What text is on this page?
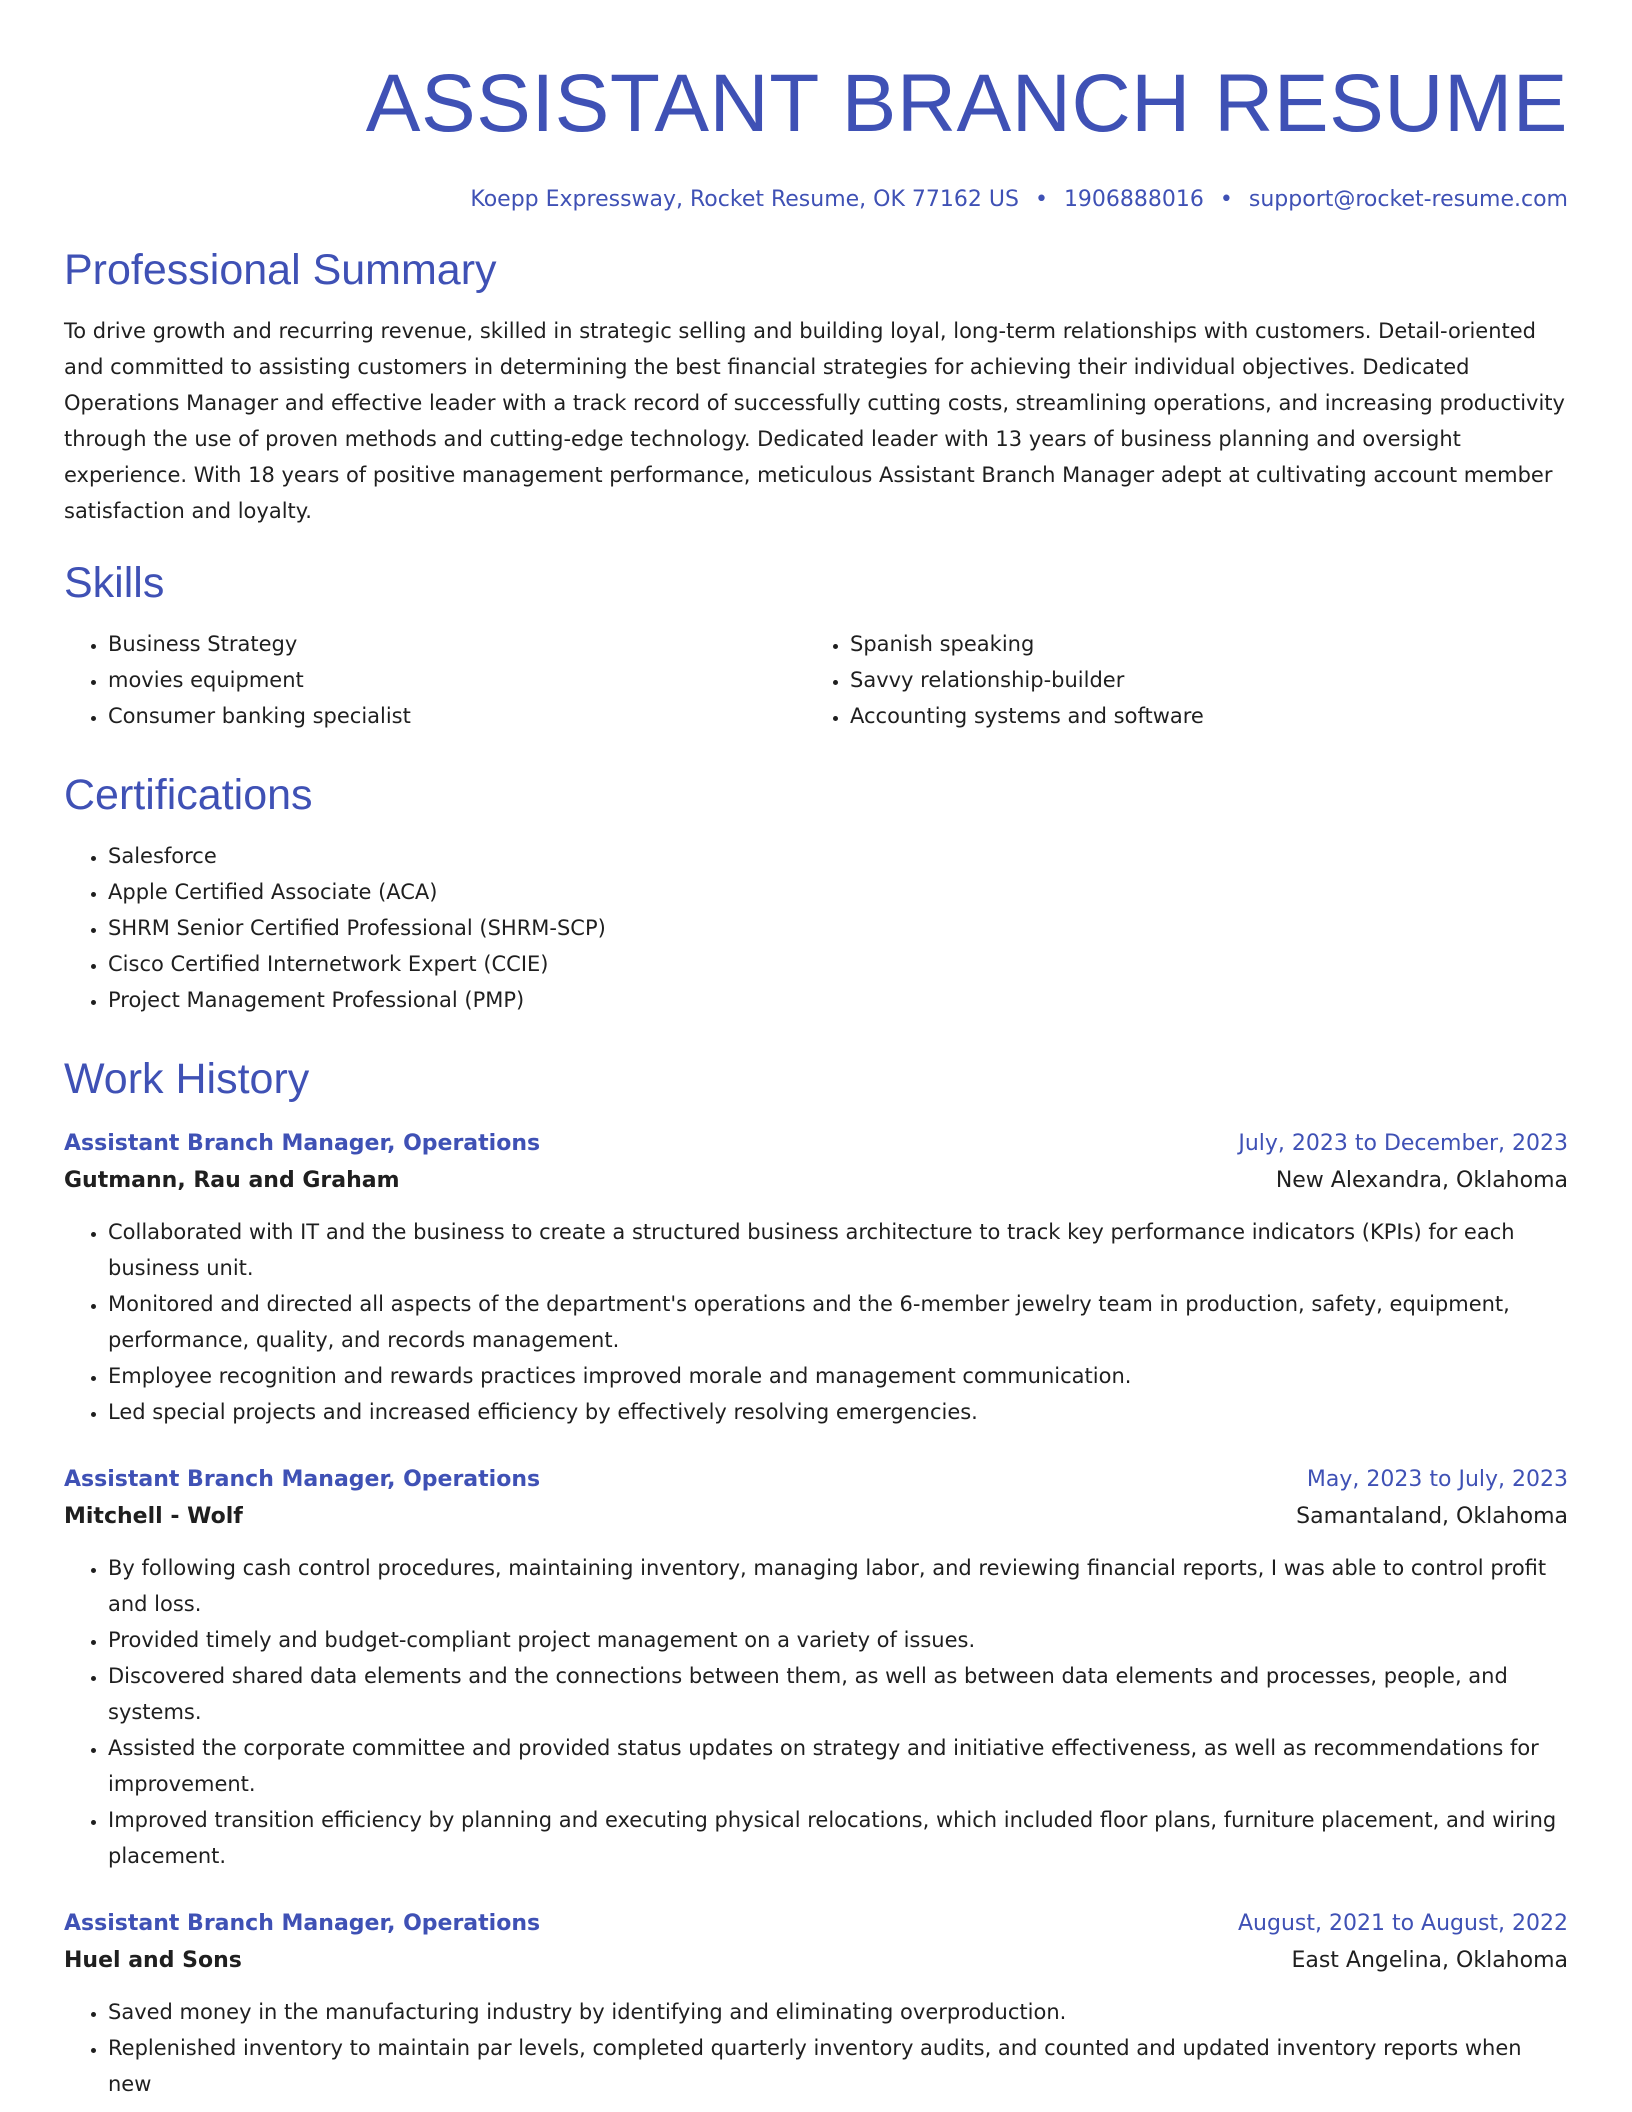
ASSISTANT BRANCH RESUME
Koepp Expressway, Rocket Resume, OK 77162 US • 1906888016 • support@rocket-resume.com
Professional Summary

To drive growth and recurring revenue, skilled in strategic selling and building loyal, long-term relationships with customers. Detail-oriented and committed to assisting customers in determining the best financial strategies for achieving their individual objectives. Dedicated Operations Manager and effective leader with a track record of successfully cutting costs, streamlining operations, and increasing productivity through the use of proven methods and cutting-edge technology. Dedicated leader with 13 years of business planning and oversight experience. With 18 years of positive management performance, meticulous Assistant Branch Manager adept at cultivating account member satisfaction and loyalty.

Skills
• Business Strategy
• movies equipment
• Consumer banking specialist
• Spanish speaking
• Savvy relationship-builder
• Accounting systems and software
Certifications
• Salesforce
• Apple Certified Associate (ACA)
• SHRM Senior Certified Professional (SHRM-SCP)
• Cisco Certified Internetwork Expert (CCIE)
• Project Management Professional (PMP)
Work History
Assistant Branch Manager, Operations	July, 2023 to December, 2023
Gutmann, Rau and Graham	New Alexandra, Oklahoma
• Collaborated with IT and the business to create a structured business architecture to track key performance indicators (KPIs) for each business unit.
• Monitored and directed all aspects of the department's operations and the 6-member jewelry team in production, safety, equipment, performance, quality, and records management.
• Employee recognition and rewards practices improved morale and management communication.
• Led special projects and increased efficiency by effectively resolving emergencies.
Assistant Branch Manager, Operations	May, 2023 to July, 2023
Mitchell - Wolf	Samantaland, Oklahoma
• By following cash control procedures, maintaining inventory, managing labor, and reviewing financial reports, I was able to control profit and loss.
• Provided timely and budget-compliant project management on a variety of issues.
• Discovered shared data elements and the connections between them, as well as between data elements and processes, people, and systems.
• Assisted the corporate committee and provided status updates on strategy and initiative effectiveness, as well as recommendations for improvement.
• Improved transition efficiency by planning and executing physical relocations, which included floor plans, furniture placement, and wiring placement.
Assistant Branch Manager, Operations	August, 2021 to August, 2022
Huel and Sons	East Angelina, Oklahoma
• Saved money in the manufacturing industry by identifying and eliminating overproduction.
• Replenished inventory to maintain par levels, completed quarterly inventory audits, and counted and updated inventory reports when new
